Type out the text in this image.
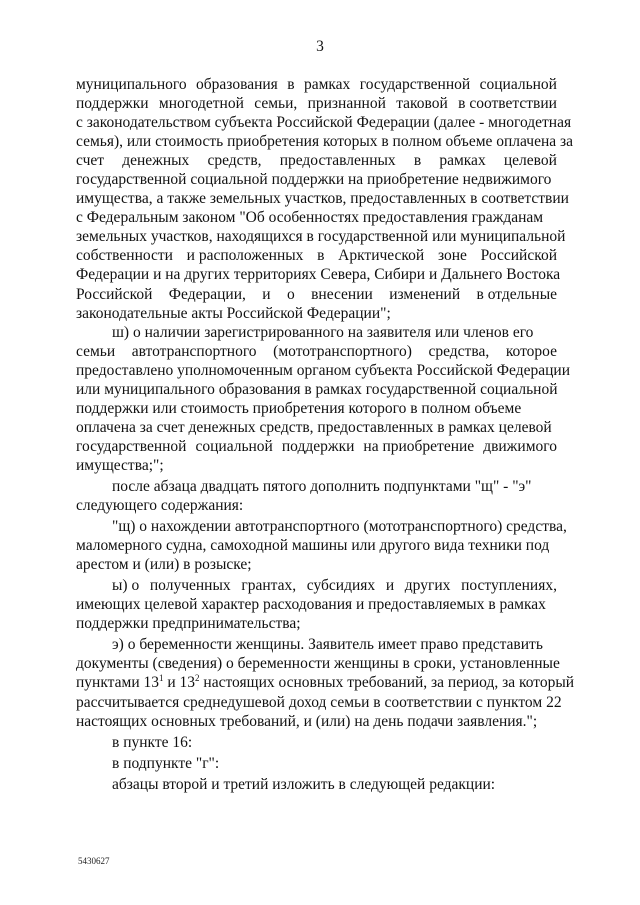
3
муниципального образования в рамках государственной социальной
поддержки многодетной семьи, признанной таковой в соответствии
с законодательством субъекта Российской Федерации (далее - многодетная
семья), или стоимость приобретения которых в полном объеме оплачена за
счет денежных средств, предоставленных в рамках целевой
государственной социальной поддержки на приобретение недвижимого
имущества, а также земельных участков, предоставленных в соответствии
с Федеральным законом "Об особенностях предоставления гражданам
земельных участков, находящихся в государственной или муниципальной
собственности и расположенных в Арктической зоне Российской
Федерации и на других территориях Севера, Сибири и Дальнего Востока
Российской Федерации, и о внесении изменений в отдельные
законодательные акты Российской Федерации";
ш) о наличии зарегистрированного на заявителя или членов его
семьи автотранспортного (мототранспортного) средства, которое
предоставлено уполномоченным органом субъекта Российской Федерации
или муниципального образования в рамках государственной социальной
поддержки или стоимость приобретения которого в полном объеме
оплачена за счет денежных средств, предоставленных в рамках целевой
государственной социальной поддержки на приобретение движимого
имущества;";
после абзаца двадцать пятого дополнить подпунктами "щ" - "э"
следующего содержания:
"щ) о нахождении автотранспортного (мототранспортного) средства,
маломерного судна, самоходной машины или другого вида техники под
арестом и (или) в розыске;
ы) о полученных грантах, субсидиях и других поступлениях,
имеющих целевой характер расходования и предоставляемых в рамках
поддержки предпринимательства;
э) о беременности женщины. Заявитель имеет право представить
документы (сведения) о беременности женщины в сроки, установленные
пунктами $13^1$ и $13^2$ настоящих основных требований, за период, за который
рассчитывается среднедушевой доход семьи в соответствии с пунктом 22
настоящих основных требований, и (или) на день подачи заявления.";
в пункте 16:
в подпункте "г":
абзацы второй и третий изложить в следующей редакции:
5430627
